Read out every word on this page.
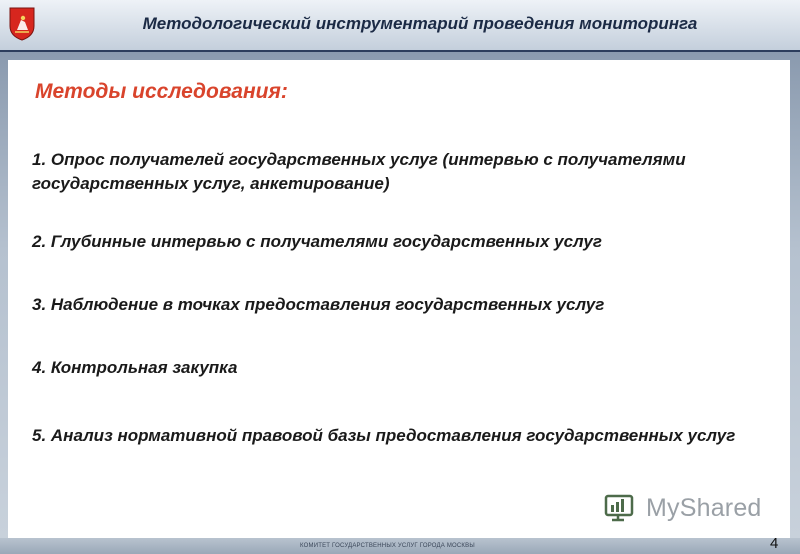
Методологический инструментарий проведения мониторинга
Методы исследования:
1. Опрос получателей государственных услуг (интервью с получателями государственных услуг, анкетирование)
2. Глубинные интервью с получателями государственных услуг
3. Наблюдение в точках предоставления государственных услуг
4. Контрольная закупка
5. Анализ нормативной правовой базы предоставления государственных услуг
MyShared
КОМИТЕТ ГОСУДАРСТВЕННЫХ УСЛУГ ГОРОДА МОСКВЫ	4
